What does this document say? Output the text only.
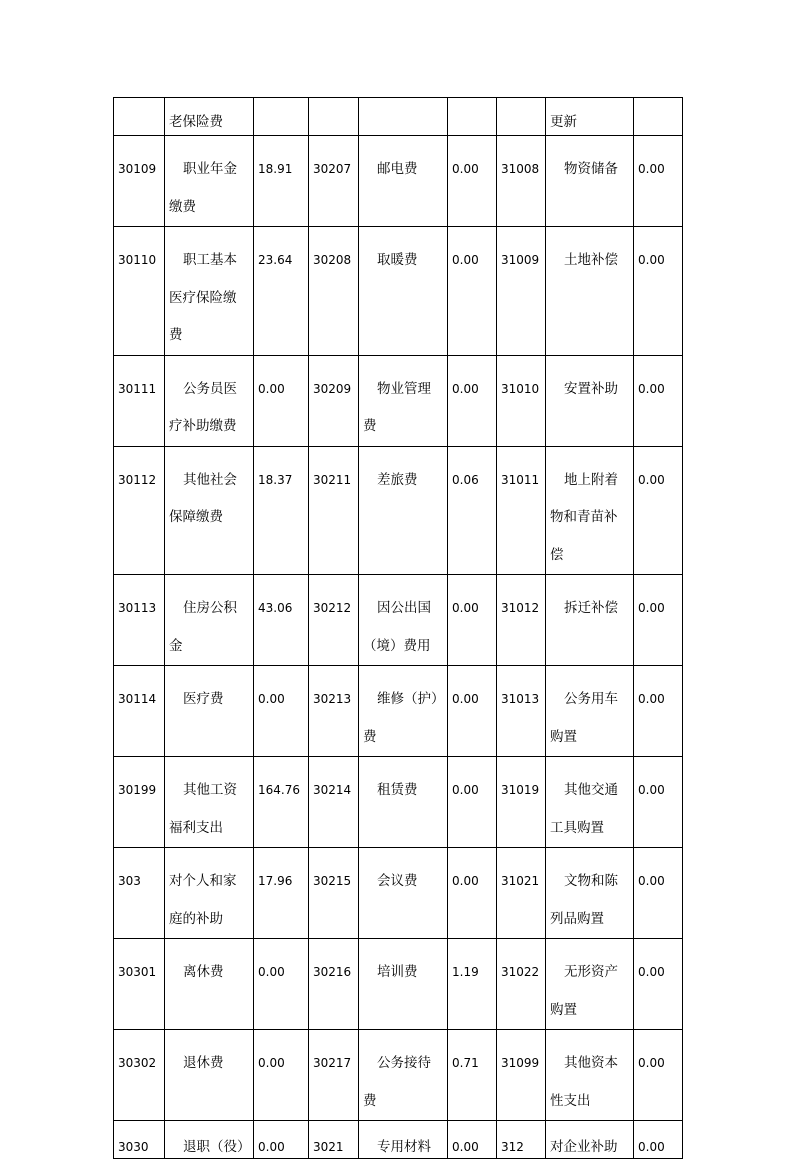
	老保险费						更新	
30109	职业年金缴费	18.91	30207	邮电费	0.00	31008	物资储备	0.00
30110	职工基本医疗保险缴费	23.64	30208	取暖费	0.00	31009	土地补偿	0.00
30111	公务员医疗补助缴费	0.00	30209	物业管理费	0.00	31010	安置补助	0.00
30112	其他社会保障缴费	18.37	30211	差旅费	0.06	31011	地上附着物和青苗补偿	0.00
30113	住房公积金	43.06	30212	因公出国（境）费用	0.00	31012	拆迁补偿	0.00
30114	医疗费	0.00	30213	维修（护）费	0.00	31013	公务用车购置	0.00
30199	其他工资福利支出	164.76	30214	租赁费	0.00	31019	其他交通工具购置	0.00
303	对个人和家庭的补助	17.96	30215	会议费	0.00	31021	文物和陈列品购置	0.00
30301	离休费	0.00	30216	培训费	1.19	31022	无形资产购置	0.00
30302	退休费	0.00	30217	公务接待费	0.71	31099	其他资本性支出	0.00
3030	退职（役）	0.00	3021	专用材料	0.00	312	对企业补助	0.00
